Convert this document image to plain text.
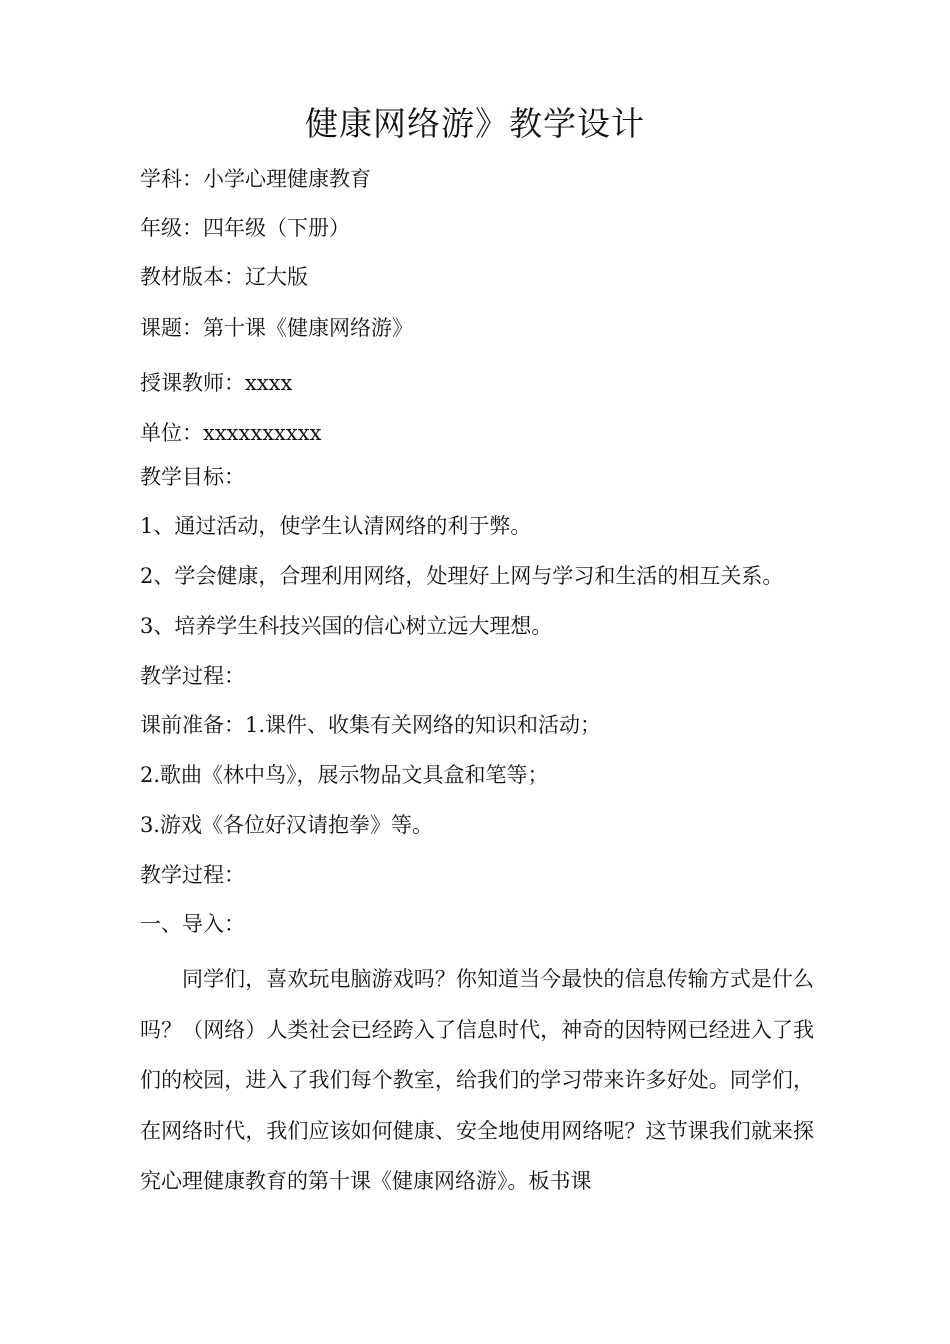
健康网络游》教学设计
学科：小学心理健康教育
年级：四年级（下册）
教材版本：辽大版
课题：第十课《健康网络游》
授课教师：xxxx
单位：xxxxxxxxxx
教学目标：
1、通过活动，使学生认清网络的利于弊。
2、学会健康，合理利用网络，处理好上网与学习和生活的相互关系。
3、培养学生科技兴国的信心树立远大理想。
教学过程：
课前准备：1.课件、收集有关网络的知识和活动；
2.歌曲《林中鸟》，展示物品文具盒和笔等；
3.游戏《各位好汉请抱拳》等。
教学过程：
一、导入：
同学们，喜欢玩电脑游戏吗？你知道当今最快的信息传输方式是什么吗？（网络）人类社会已经跨入了信息时代，神奇的因特网已经进入了我们的校园，进入了我们每个教室，给我们的学习带来许多好处。同学们，在网络时代，我们应该如何健康、安全地使用网络呢？这节课我们就来探究心理健康教育的第十课《健康网络游》。板书课
